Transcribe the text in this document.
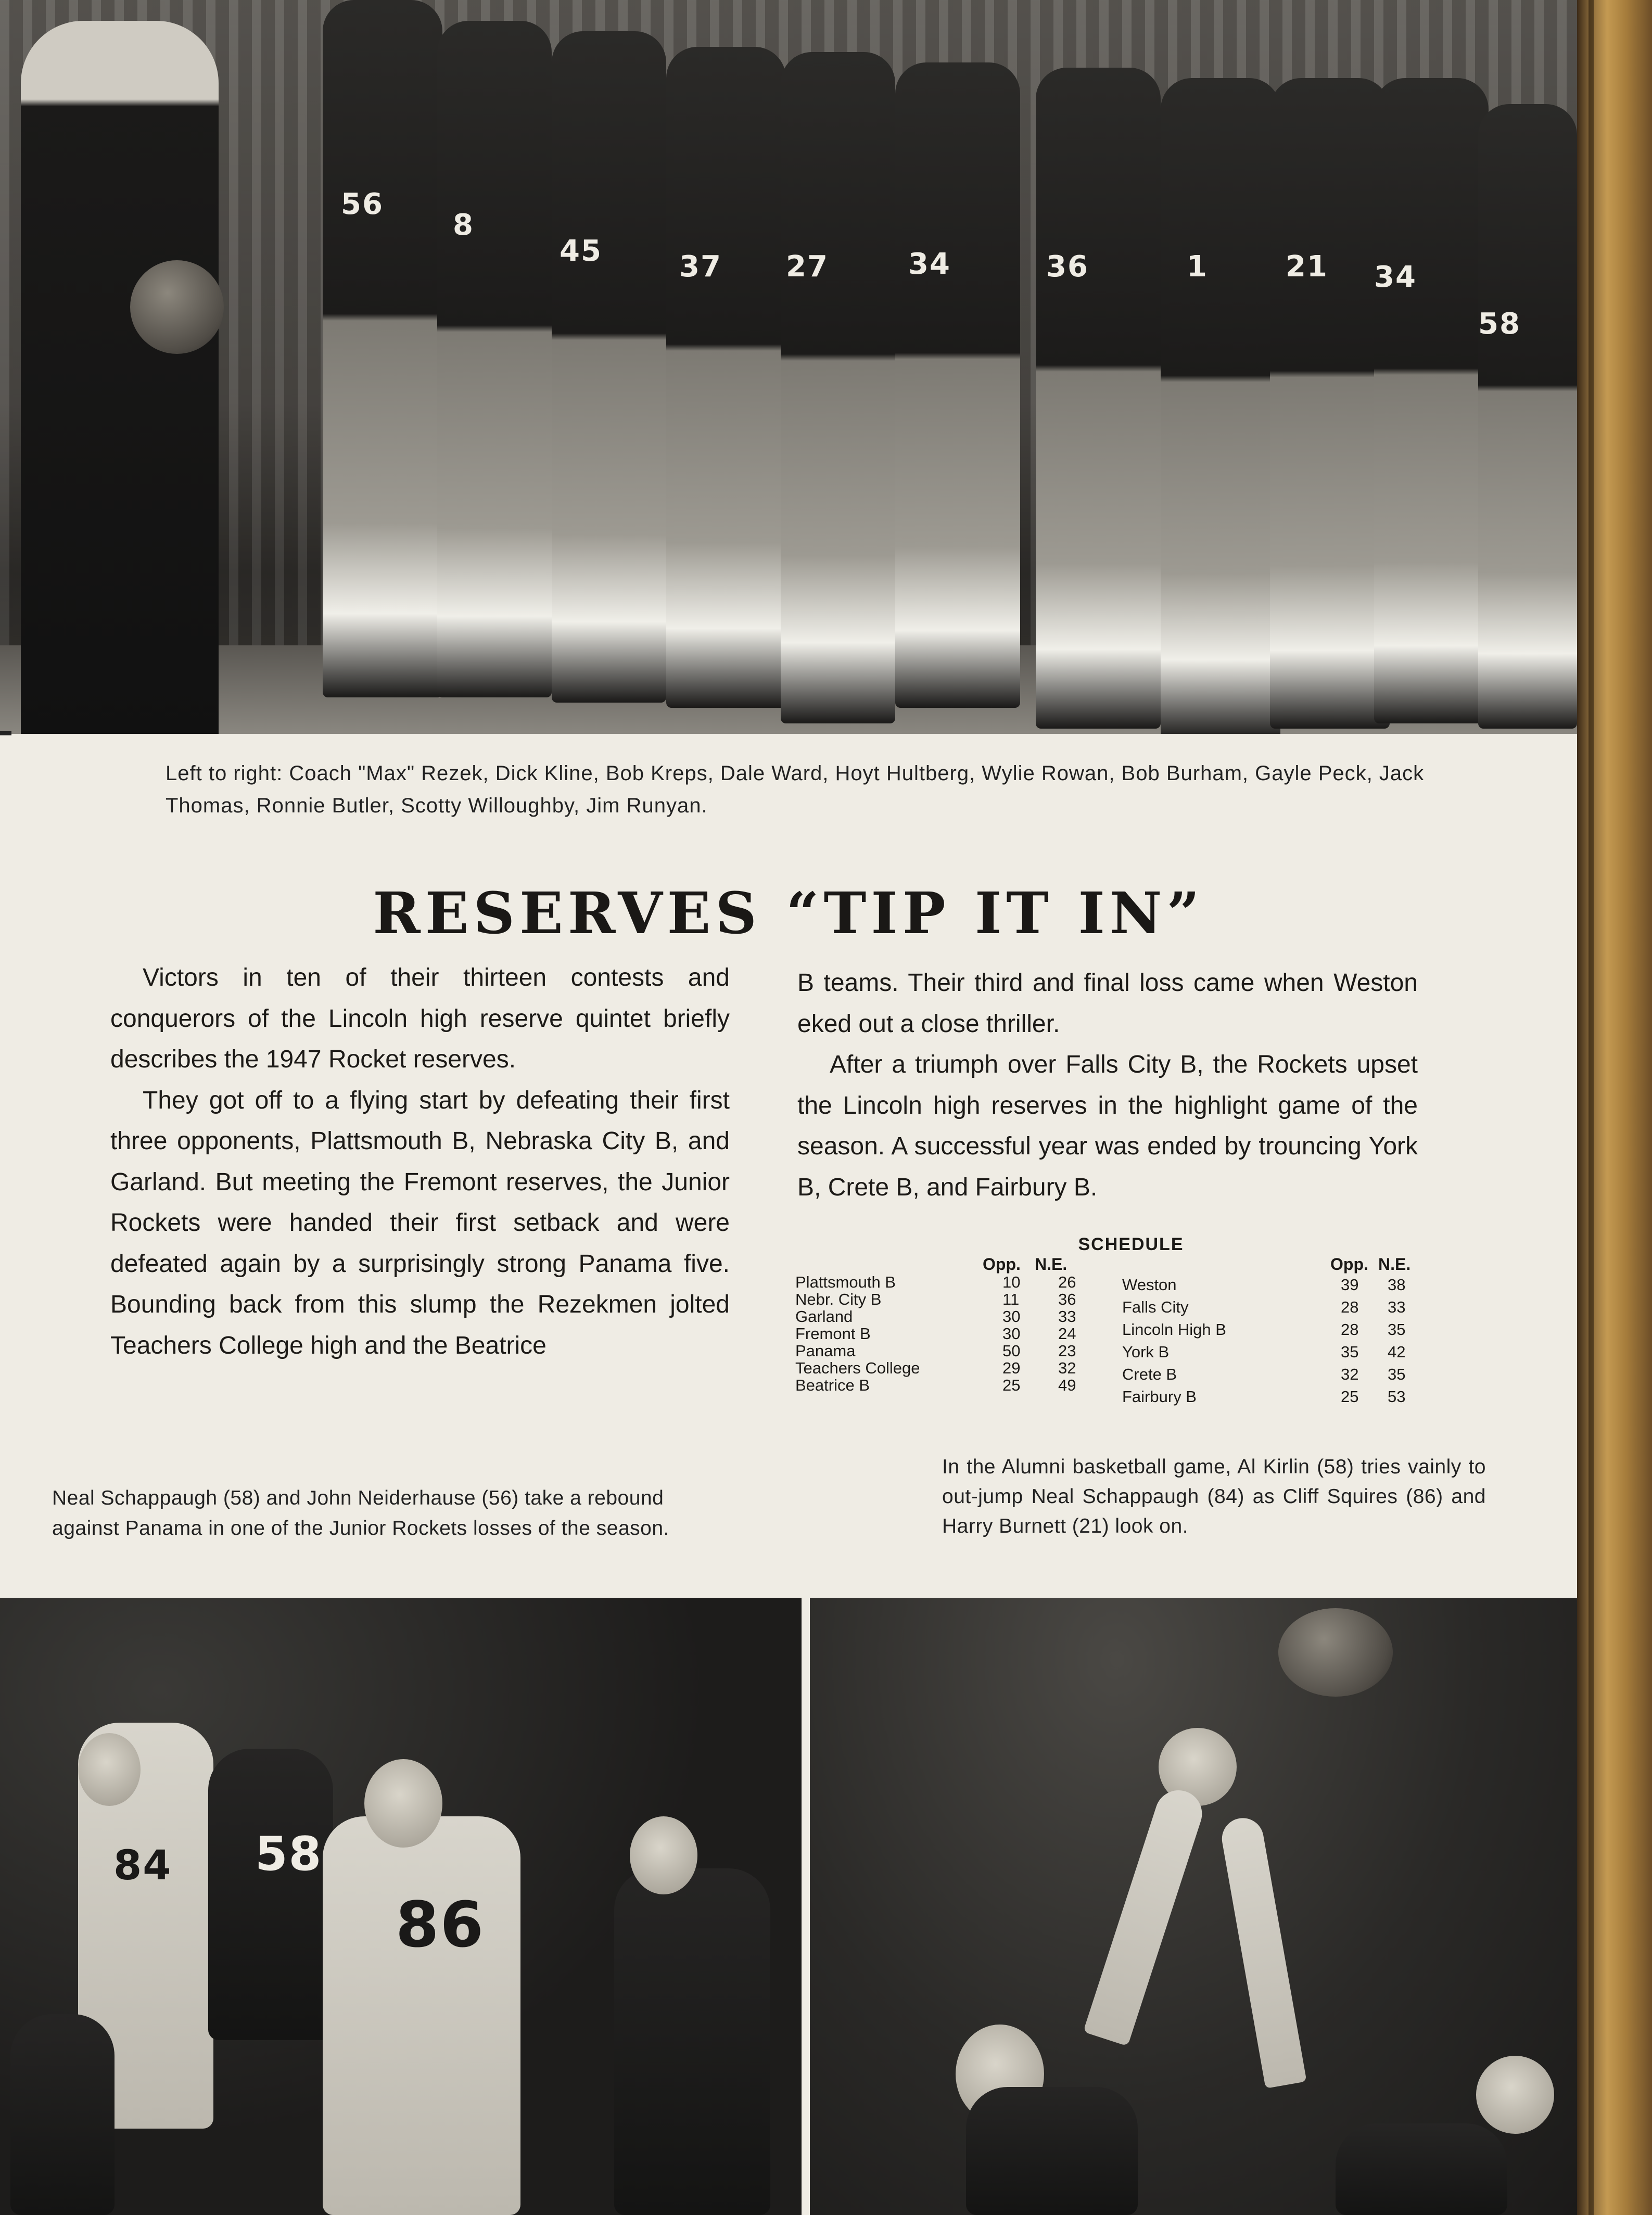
56
8
45	37 27	34	36	1	21 34
58
Left to right: Coach "Max" Rezek, Dick Kline, Bob Kreps, Dale Ward, Hoyt Hultberg, Wylie Rowan, Bob Burham, Gayle Peck, Jack Thomas, Ronnie Butler, Scotty Willoughby, Jim Runyan.
RESERVES “TIP IT IN”

Victors in ten of their thirteen contests and conquerors of the Lincoln high reserve quintet briefly describes the 1947 Rocket reserves.

They got off to a flying start by defeating their first three opponents, Plattsmouth B, Nebraska City B, and Garland. But meeting the Fremont reserves, the Junior Rockets were handed their first setback and were defeated again by a surprisingly strong Panama five. Bounding back from this slump the Rezekmen jolted Teachers College high and the Beatrice

B teams. Their third and final loss came when Weston eked out a close thriller.

After a triumph over Falls City B, the Rockets upset the Lincoln high reserves in the highlight game of the season. A successful year was ended by trouncing York B, Crete B, and Fairbury B.

SCHEDULE
Opp. N.E.
Plattsmouth B	10 26
Nebr. City B	11 36
Garland	30 33
Fremont B	30 24
Panama	50 23
Teachers College	29 32
Beatrice B	25 49
Opp. N.E.
Weston	39 38
Falls City	28 33
Lincoln High B	28 35
York B	35 42
Crete B	32 35
Fairbury B	25 53
Neal Schappaugh (58) and John Neiderhause (56) take a rebound against Panama in one of the Junior Rockets losses of the season.
In the Alumni basketball game, Al Kirlin (58) tries vainly to out-jump Neal Schappaugh (84) as Cliff Squires (86) and Harry Burnett (21) look on.
84 58
86
